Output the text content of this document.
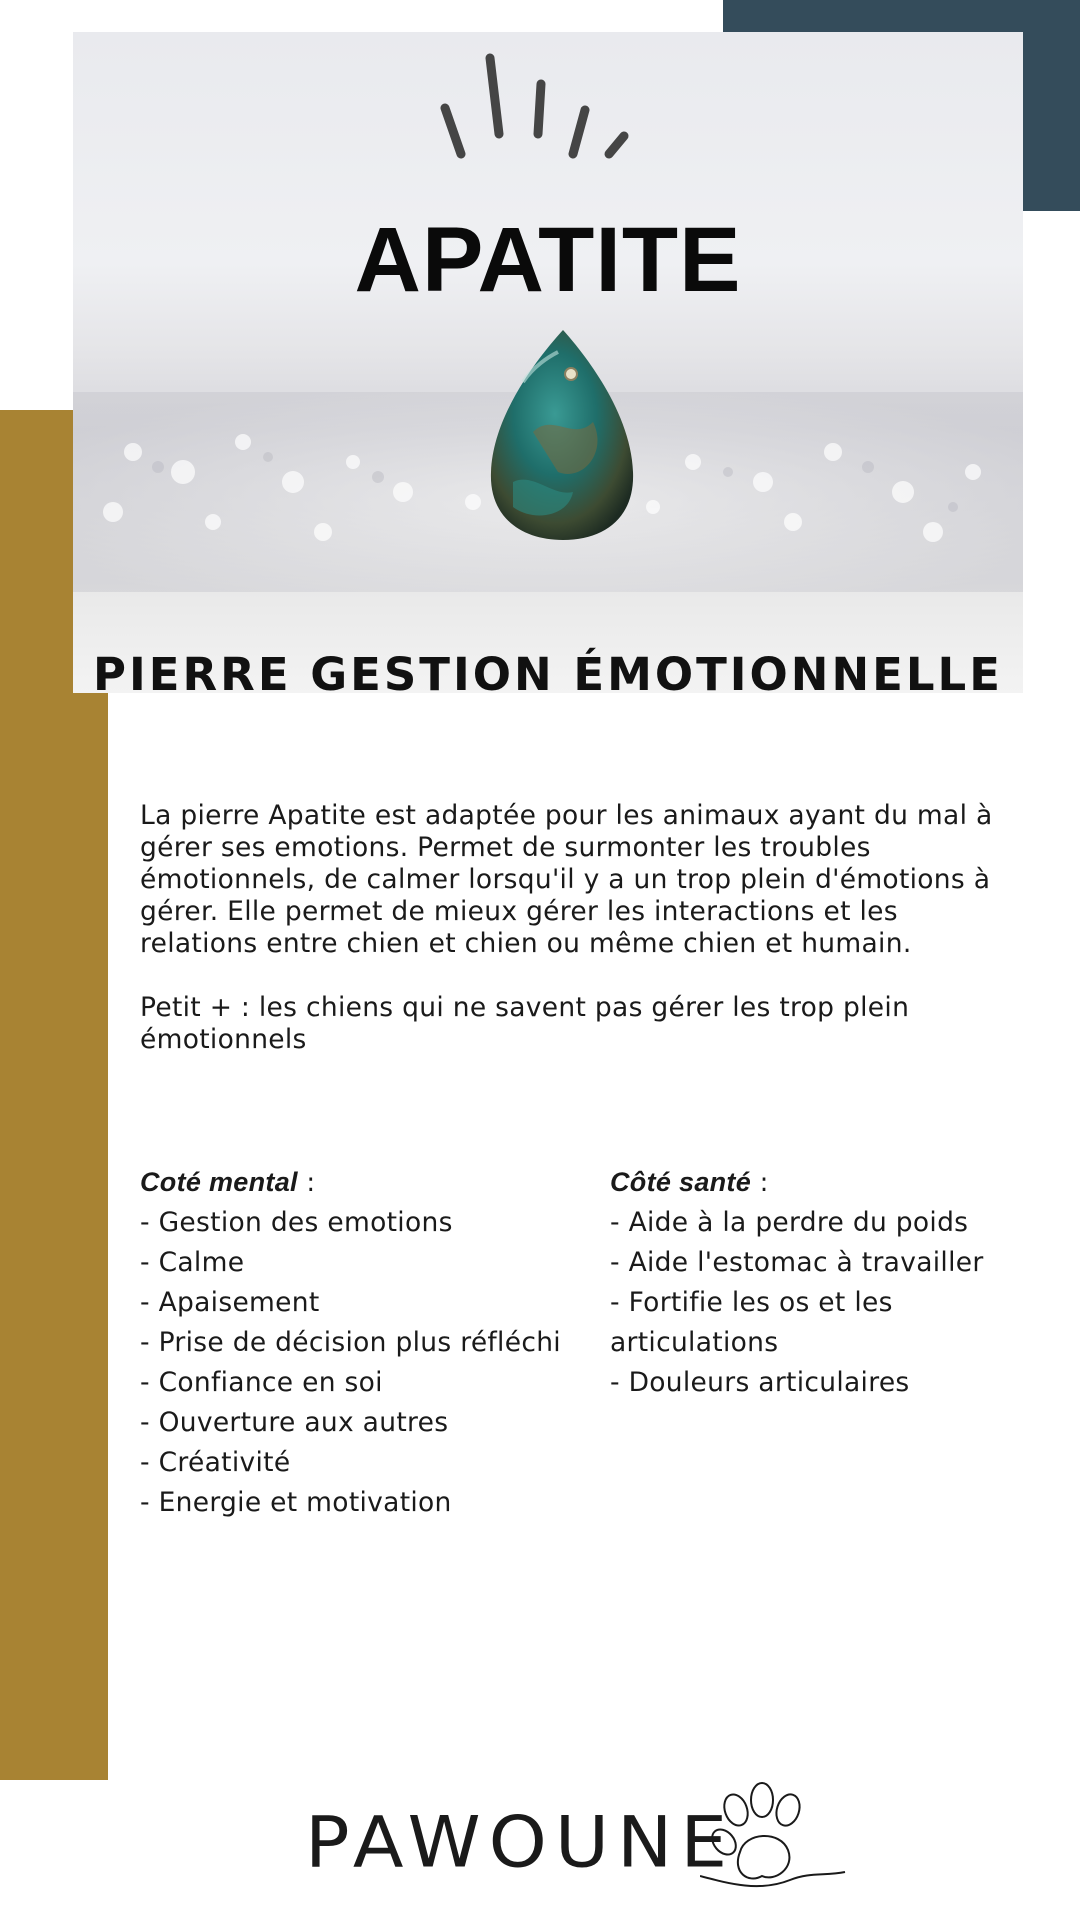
APATITE
PIERRE GESTION ÉMOTIONNELLE

La pierre Apatite est adaptée pour les animaux ayant du mal à gérer ses emotions. Permet de surmonter les troubles émotionnels, de calmer lorsqu'il y a un trop plein d'émotions à gérer. Elle permet de mieux gérer les interactions et les relations entre chien et chien ou même chien et humain.

Petit + : les chiens qui ne savent pas gérer les trop plein émotionnels

Coté mental :
- Gestion des emotions
- Calme
- Apaisement
- Prise de décision plus réfléchi
- Confiance en soi
- Ouverture aux autres
- Créativité
- Energie et motivation
Côté santé :
- Aide à la perdre du poids
- Aide l'estomac à travailler
- Fortifie les os et les articulations
- Douleurs articulaires
PAWOUNE
